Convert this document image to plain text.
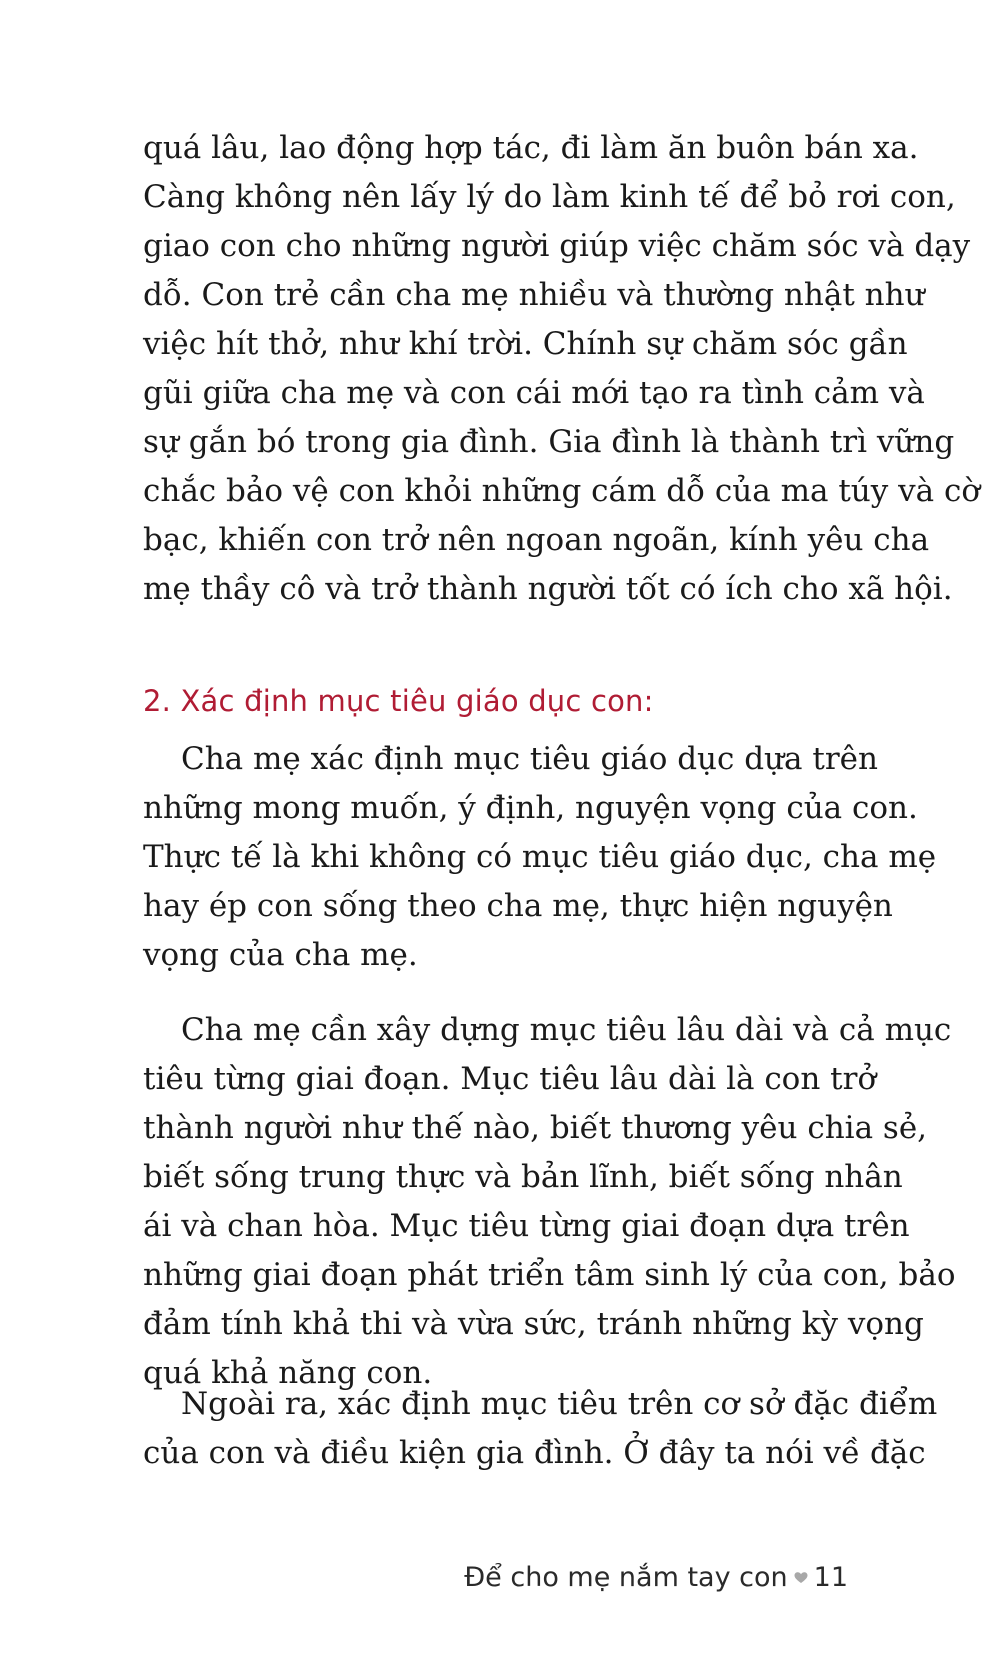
quá lâu, lao động hợp tác, đi làm ăn buôn bán xa.
Càng không nên lấy lý do làm kinh tế để bỏ rơi con,
giao con cho những người giúp việc chăm sóc và dạy
dỗ. Con trẻ cần cha mẹ nhiều và thường nhật như
việc hít thở, như khí trời. Chính sự chăm sóc gần
gũi giữa cha mẹ và con cái mới tạo ra tình cảm và
sự gắn bó trong gia đình. Gia đình là thành trì vững
chắc bảo vệ con khỏi những cám dỗ của ma túy và cờ
bạc, khiến con trở nên ngoan ngoãn, kính yêu cha
mẹ thầy cô và trở thành người tốt có ích cho xã hội.
2. Xác định mục tiêu giáo dục con:
Cha mẹ xác định mục tiêu giáo dục dựa trên
những mong muốn, ý định, nguyện vọng của con.
Thực tế là khi không có mục tiêu giáo dục, cha mẹ
hay ép con sống theo cha mẹ, thực hiện nguyện
vọng của cha mẹ.
Cha mẹ cần xây dựng mục tiêu lâu dài và cả mục
tiêu từng giai đoạn. Mục tiêu lâu dài là con trở
thành người như thế nào, biết thương yêu chia sẻ,
biết sống trung thực và bản lĩnh, biết sống nhân
ái và chan hòa. Mục tiêu từng giai đoạn dựa trên
những giai đoạn phát triển tâm sinh lý của con, bảo
đảm tính khả thi và vừa sức, tránh những kỳ vọng
quá khả năng con.
Ngoài ra, xác định mục tiêu trên cơ sở đặc điểm
của con và điều kiện gia đình. Ở đây ta nói về đặc
Để cho mẹ nắm tay con 11
